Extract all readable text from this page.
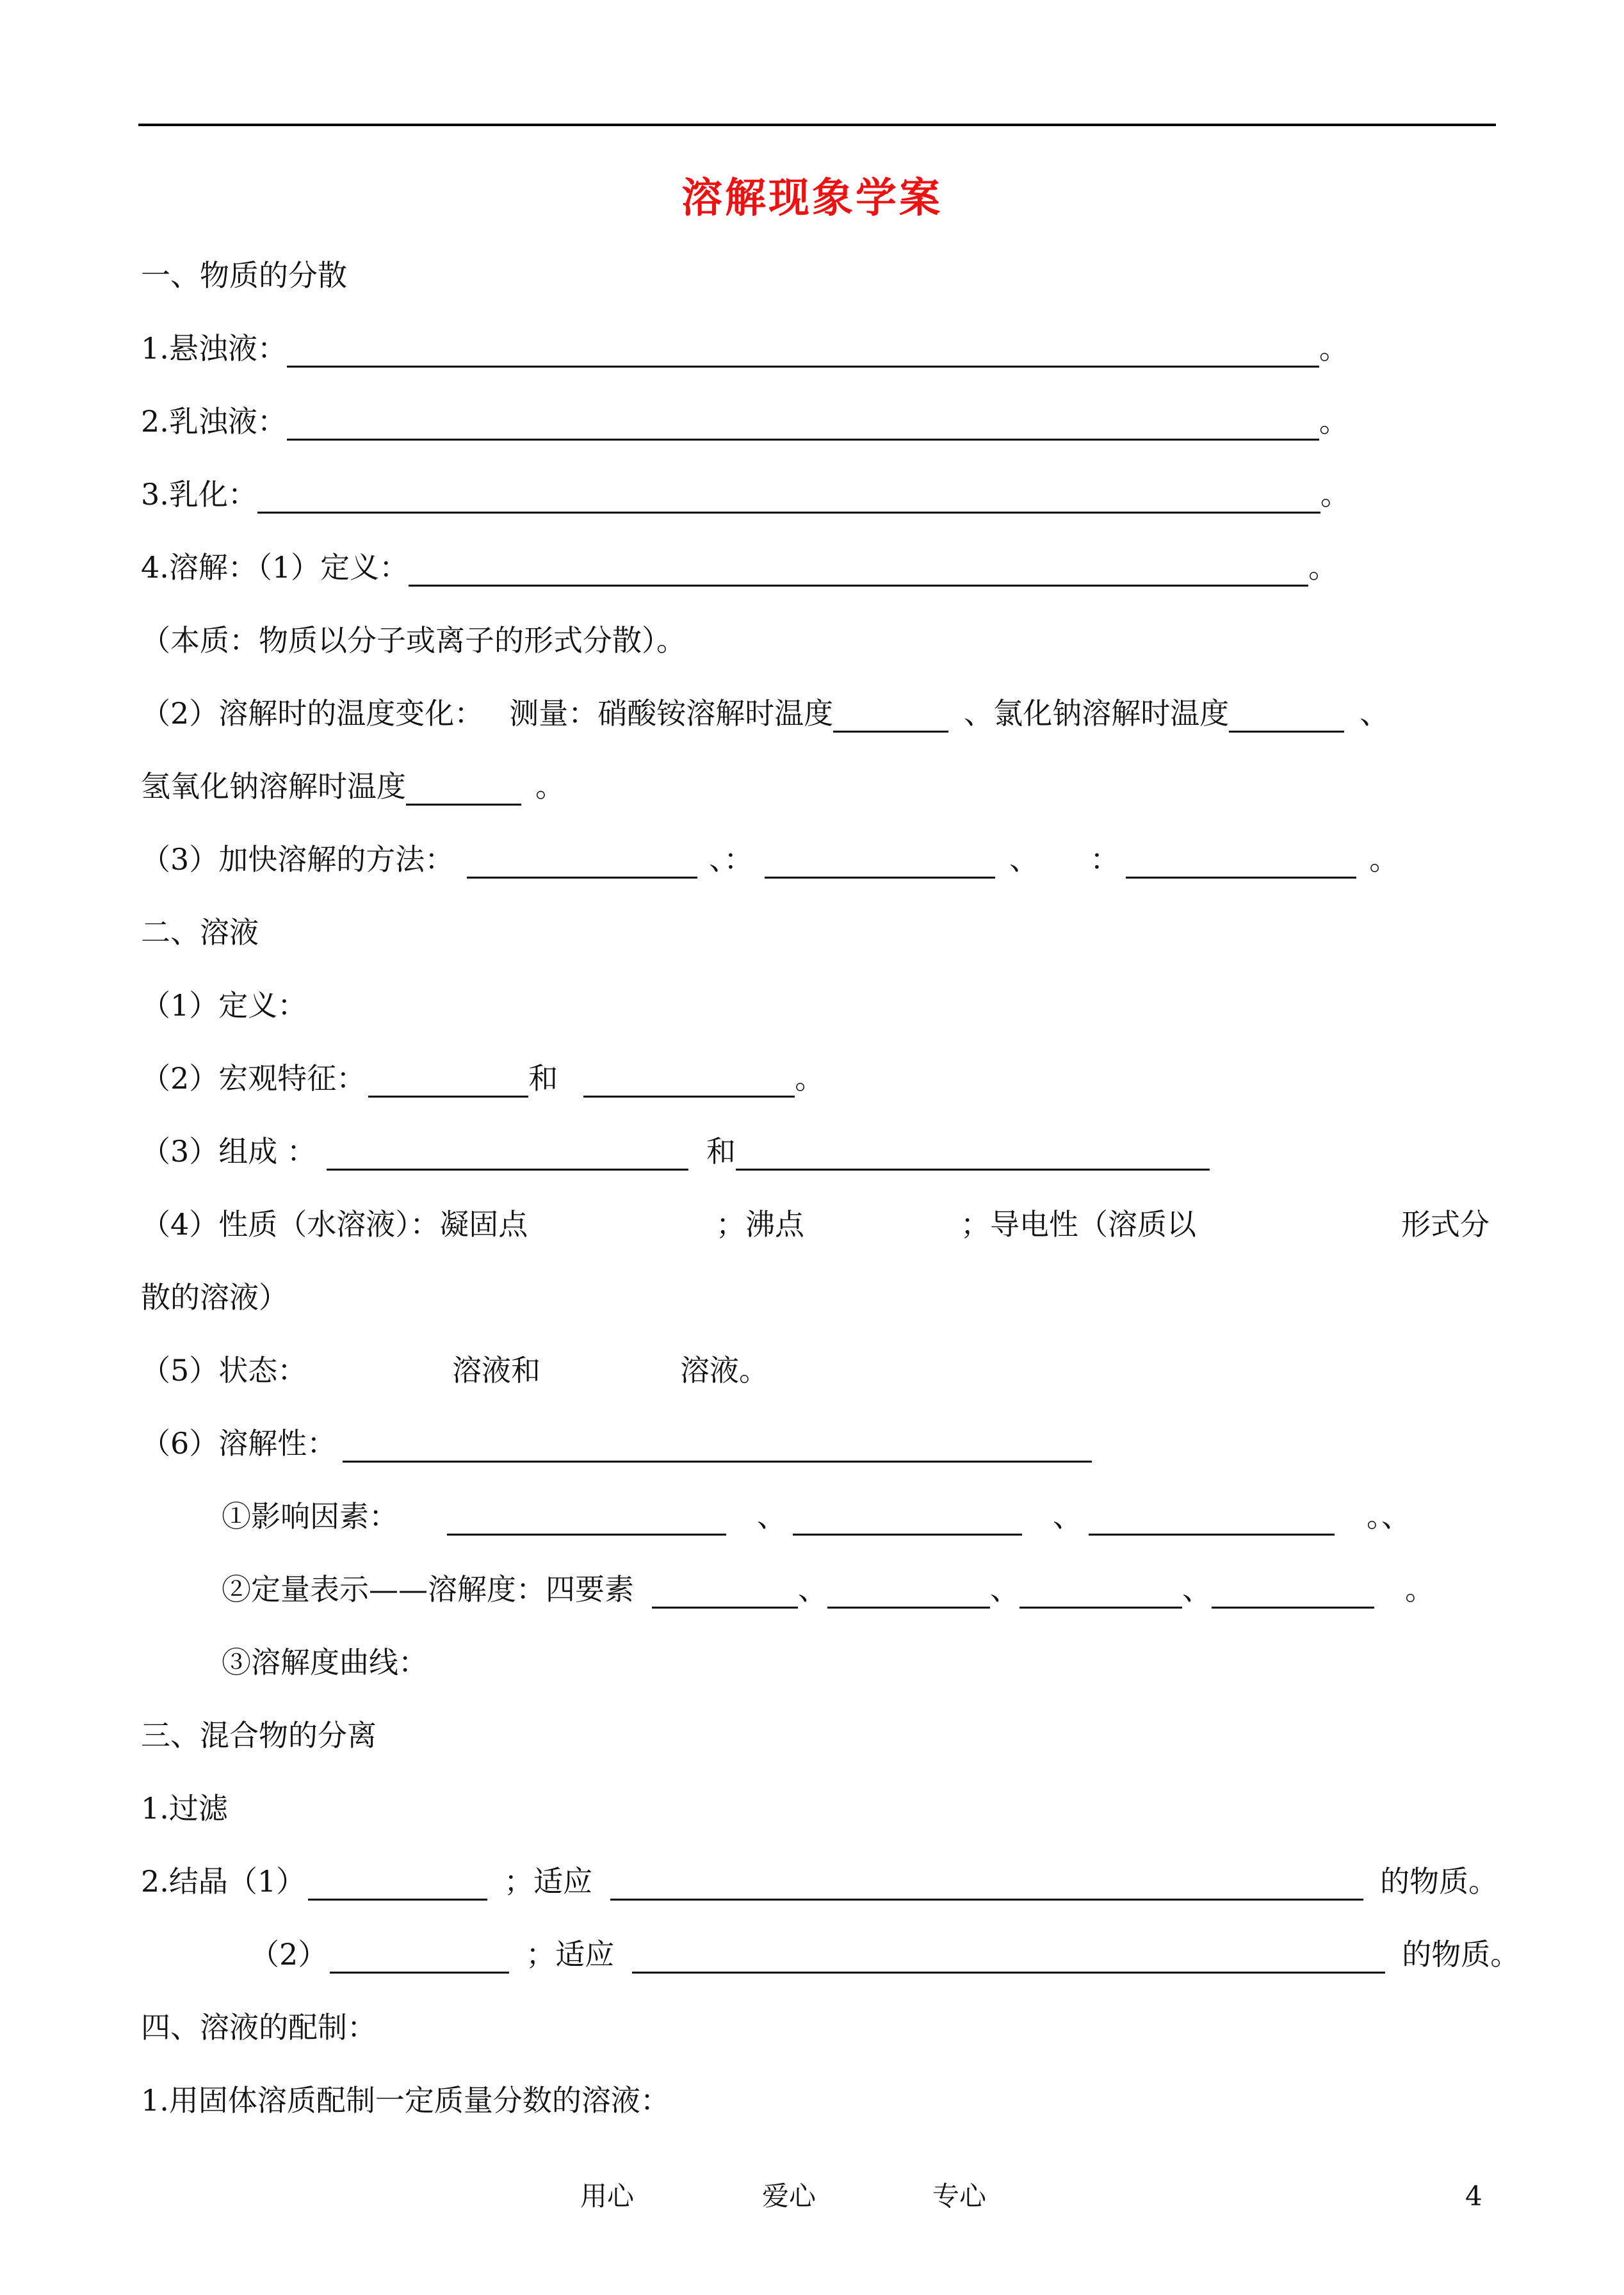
溶解现象学案
一、物质的分散
1.悬浊液：	。
2.乳浊液：	。
3.乳化：	。
4.溶解：（1）定义：	。
（本质：物质以分子或离子的形式分散）。
（2）溶解时的温度变化： 测量：硝酸铵溶解时温度	、氯化钠溶解时温度	、
氢氧化钠溶解时温度	。
（3）加快溶解的方法：	、：	、 ：	。
二、溶液
（1）定义：
（2）宏观特征：	和	。
（3）组成 ：	和
（4）性质（水溶液）：凝固点	；沸点	；导电性（溶质以	形式分
散的溶液）
（5）状态：	溶液和	溶液。
（6）溶解性：
①影响因素：	、	、	。、
②定量表示——溶解度：四要素	、	、	、	。
③溶解度曲线：
三、混合物的分离
1.过滤
2.结晶（1）	；适应	的物质。
（2）	；适应	的物质。
四、溶液的配制：
1.用固体溶质配制一定质量分数的溶液：
用心	爱心	专心	4
